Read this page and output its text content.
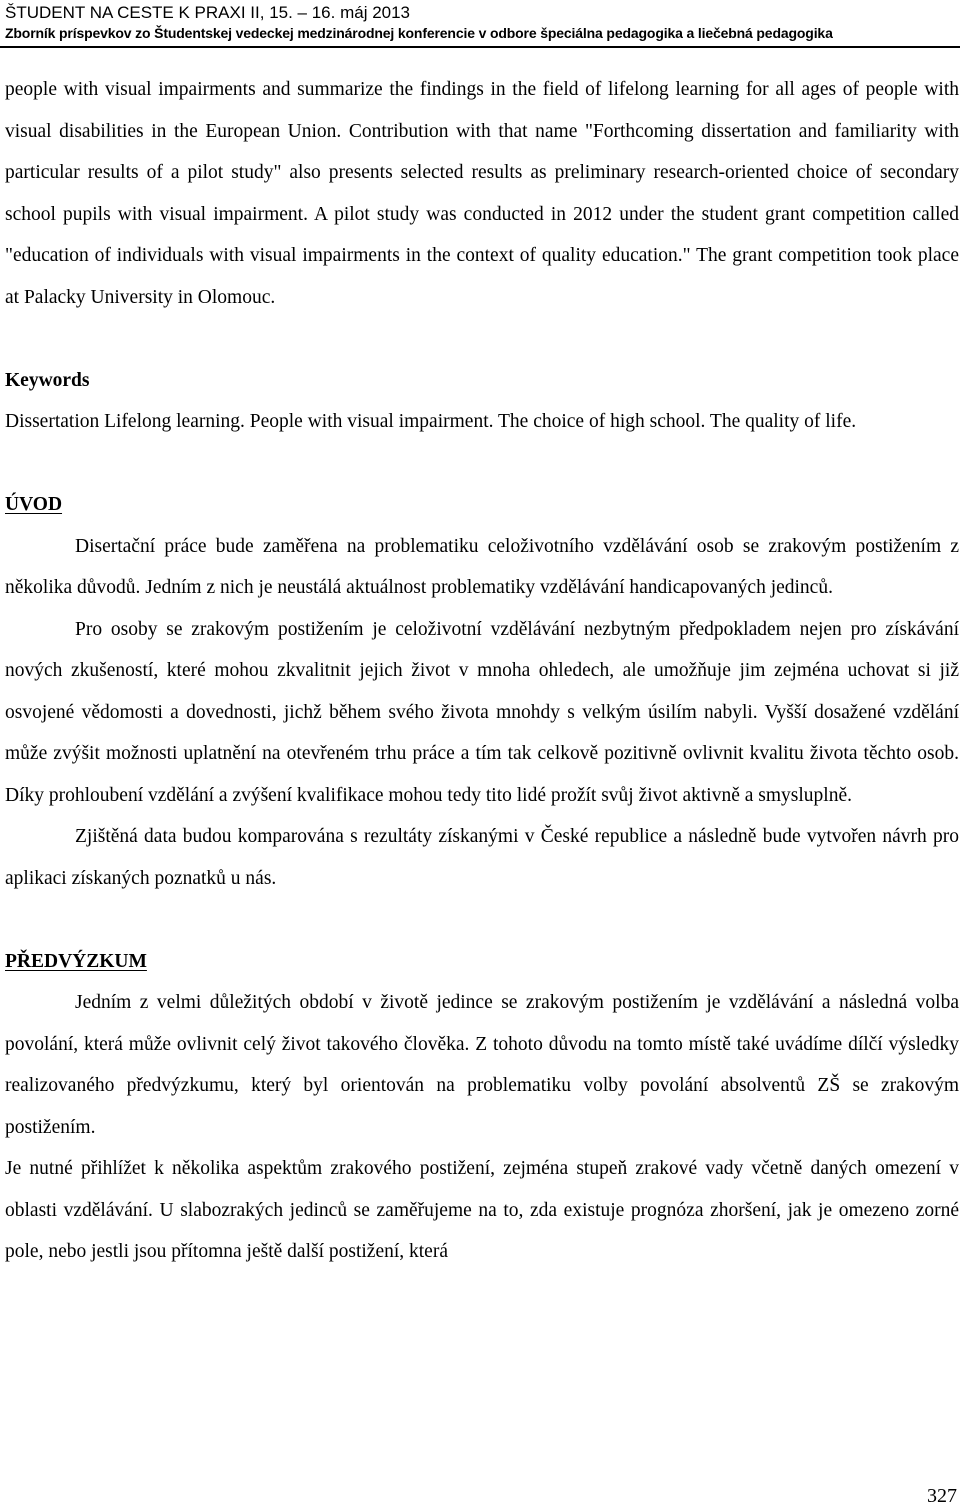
ŠTUDENT NA CESTE K PRAXI II, 15. – 16. máj 2013
Zborník príspevkov zo Študentskej vedeckej medzinárodnej konferencie v odbore špeciálna pedagogika a liečebná pedagogika

people with visual impairments and summarize the findings in the field of lifelong learning for all ages of people with visual disabilities in the European Union. Contribution with that name "Forthcoming dissertation and familiarity with particular results of a pilot study" also presents selected results as preliminary research-oriented choice of secondary school pupils with visual impairment. A pilot study was conducted in 2012 under the student grant competition called "education of individuals with visual impairments in the context of quality education." The grant competition took place at Palacky University in Olomouc.

Keywords

Dissertation Lifelong learning. People with visual impairment. The choice of high school. The quality of life.

ÚVOD

Disertační práce bude zaměřena na problematiku celoživotního vzdělávání osob se zrakovým postižením z několika důvodů. Jedním z nich je neustálá aktuálnost problematiky vzdělávání handicapovaných jedinců.

Pro osoby se zrakovým postižením je celoživotní vzdělávání nezbytným předpokladem nejen pro získávání nových zkušeností, které mohou zkvalitnit jejich život v mnoha ohledech, ale umožňuje jim zejména uchovat si již osvojené vědomosti a dovednosti, jichž během svého života mnohdy s velkým úsilím nabyli. Vyšší dosažené vzdělání může zvýšit možnosti uplatnění na otevřeném trhu práce a tím tak celkově pozitivně ovlivnit kvalitu života těchto osob. Díky prohloubení vzdělání a zvýšení kvalifikace mohou tedy tito lidé prožít svůj život aktivně a smysluplně.

Zjištěná data budou komparována s rezultáty získanými v České republice a následně bude vytvořen návrh pro aplikaci získaných poznatků u nás.

PŘEDVÝZKUM

Jedním z velmi důležitých období v životě jedince se zrakovým postižením je vzdělávání a následná volba povolání, která může ovlivnit celý život takového člověka. Z tohoto důvodu na tomto místě také uvádíme dílčí výsledky realizovaného předvýzkumu, který byl orientován na problematiku volby povolání absolventů ZŠ se zrakovým postižením.

Je nutné přihlížet k několika aspektům zrakového postižení, zejména stupeň zrakové vady včetně daných omezení v oblasti vzdělávání. U slabozrakých jedinců se zaměřujeme na to, zda existuje prognóza zhoršení, jak je omezeno zorné pole, nebo jestli jsou přítomna ještě další postižení, která

327
